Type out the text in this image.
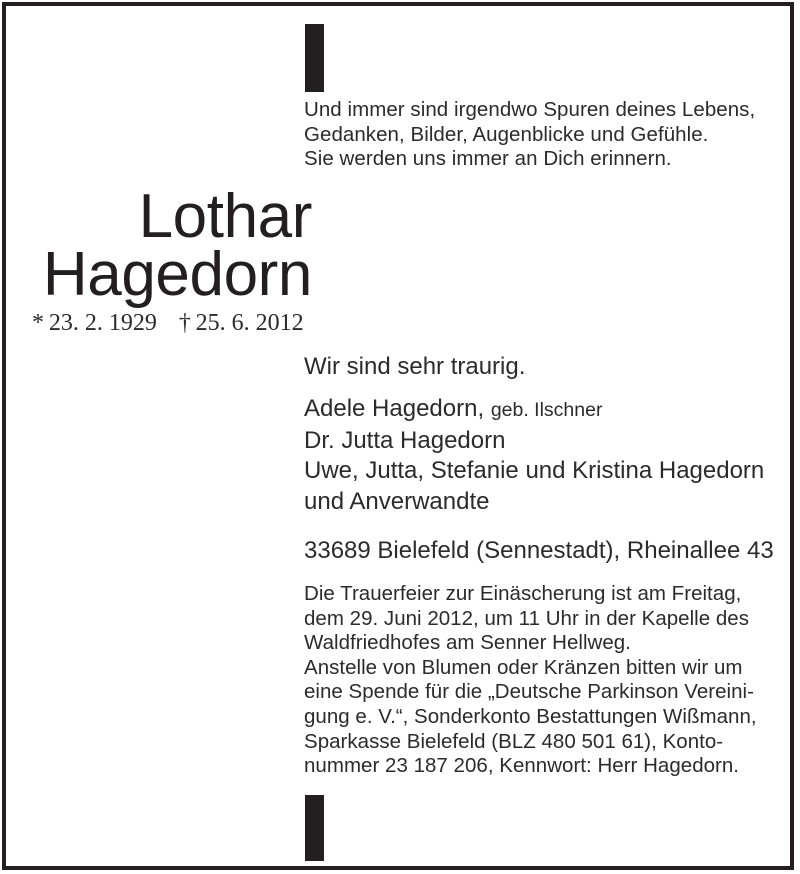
Und immer sind irgendwo Spuren deines Lebens,
Gedanken, Bilder, Augenblicke und Gefühle.
Sie werden uns immer an Dich erinnern.
Lothar
Hagedorn
*  23. 2. 1929 †  25. 6. 2012
Wir sind sehr traurig.
Adele Hagedorn, geb. Ilschner
Dr. Jutta Hagedorn
Uwe, Jutta, Stefanie und Kristina Hagedorn
und Anverwandte
33689 Bielefeld (Sennestadt), Rheinallee 43
Die Trauerfeier zur Einäscherung ist am Freitag,
dem 29. Juni 2012, um 11 Uhr in der Kapelle des
Waldfriedhofes am Senner Hellweg.
Anstelle von Blumen oder Kränzen bitten wir um
eine Spende für die „Deutsche Parkinson Vereini-
gung e. V.“, Sonderkonto Bestattungen Wißmann,
Sparkasse Bielefeld (BLZ 480 501 61), Konto-
nummer 23 187 206, Kennwort: Herr Hagedorn.
